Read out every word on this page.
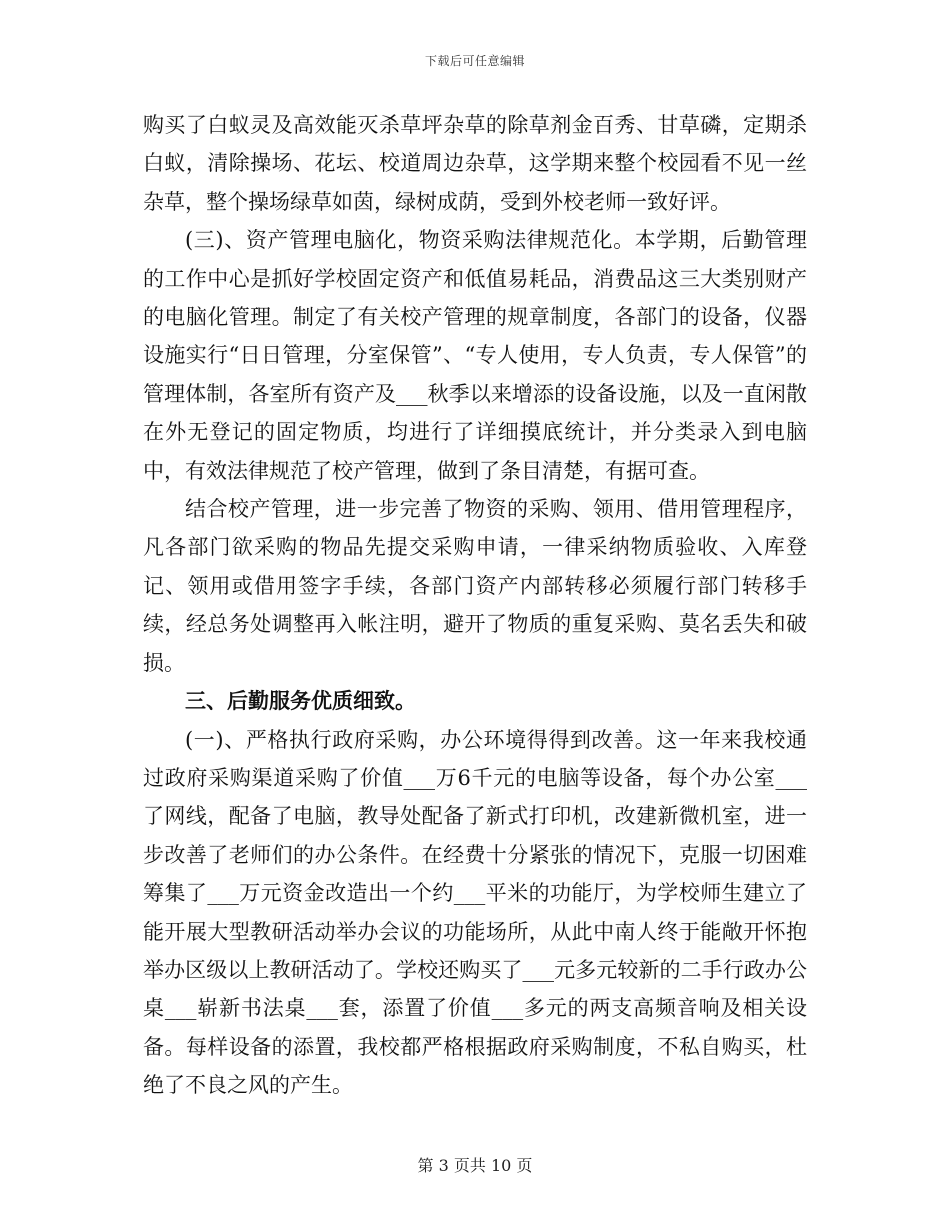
下载后可任意编辑

购买了白蚁灵及高效能灭杀草坪杂草的除草剂金百秀、甘草磷，定期杀白蚁，清除操场、花坛、校道周边杂草，这学期来整个校园看不见一丝杂草，整个操场绿草如茵，绿树成荫，受到外校老师一致好评。

(三)、资产管理电脑化，物资采购法律规范化。本学期，后勤管理的工作中心是抓好学校固定资产和低值易耗品，消费品这三大类别财产的电脑化管理。制定了有关校产管理的规章制度，各部门的设备，仪器设施实行“日日管理，分室保管”、“专人使用，专人负责，专人保管”的管理体制，各室所有资产及___秋季以来增添的设备设施，以及一直闲散在外无登记的固定物质，均进行了详细摸底统计，并分类录入到电脑中，有效法律规范了校产管理，做到了条目清楚，有据可查。

结合校产管理，进一步完善了物资的采购、领用、借用管理程序，凡各部门欲采购的物品先提交采购申请，一律采纳物质验收、入库登记、领用或借用签字手续，各部门资产内部转移必须履行部门转移手续，经总务处调整再入帐注明，避开了物质的重复采购、莫名丢失和破损。

三、后勤服务优质细致。

(一)、严格执行政府采购，办公环境得得到改善。这一年来我校通过政府采购渠道采购了价值___万6千元的电脑等设备，每个办公室___了网线，配备了电脑，教导处配备了新式打印机，改建新微机室，进一步改善了老师们的办公条件。在经费十分紧张的情况下，克服一切困难筹集了___万元资金改造出一个约___平米的功能厅，为学校师生建立了能开展大型教研活动举办会议的功能场所，从此中南人终于能敞开怀抱举办区级以上教研活动了。学校还购买了___元多元较新的二手行政办公桌___崭新书法桌___套，添置了价值___多元的两支高频音响及相关设备。每样设备的添置，我校都严格根据政府采购制度，不私自购买，杜绝了不良之风的产生。

第 3 页共 10 页
